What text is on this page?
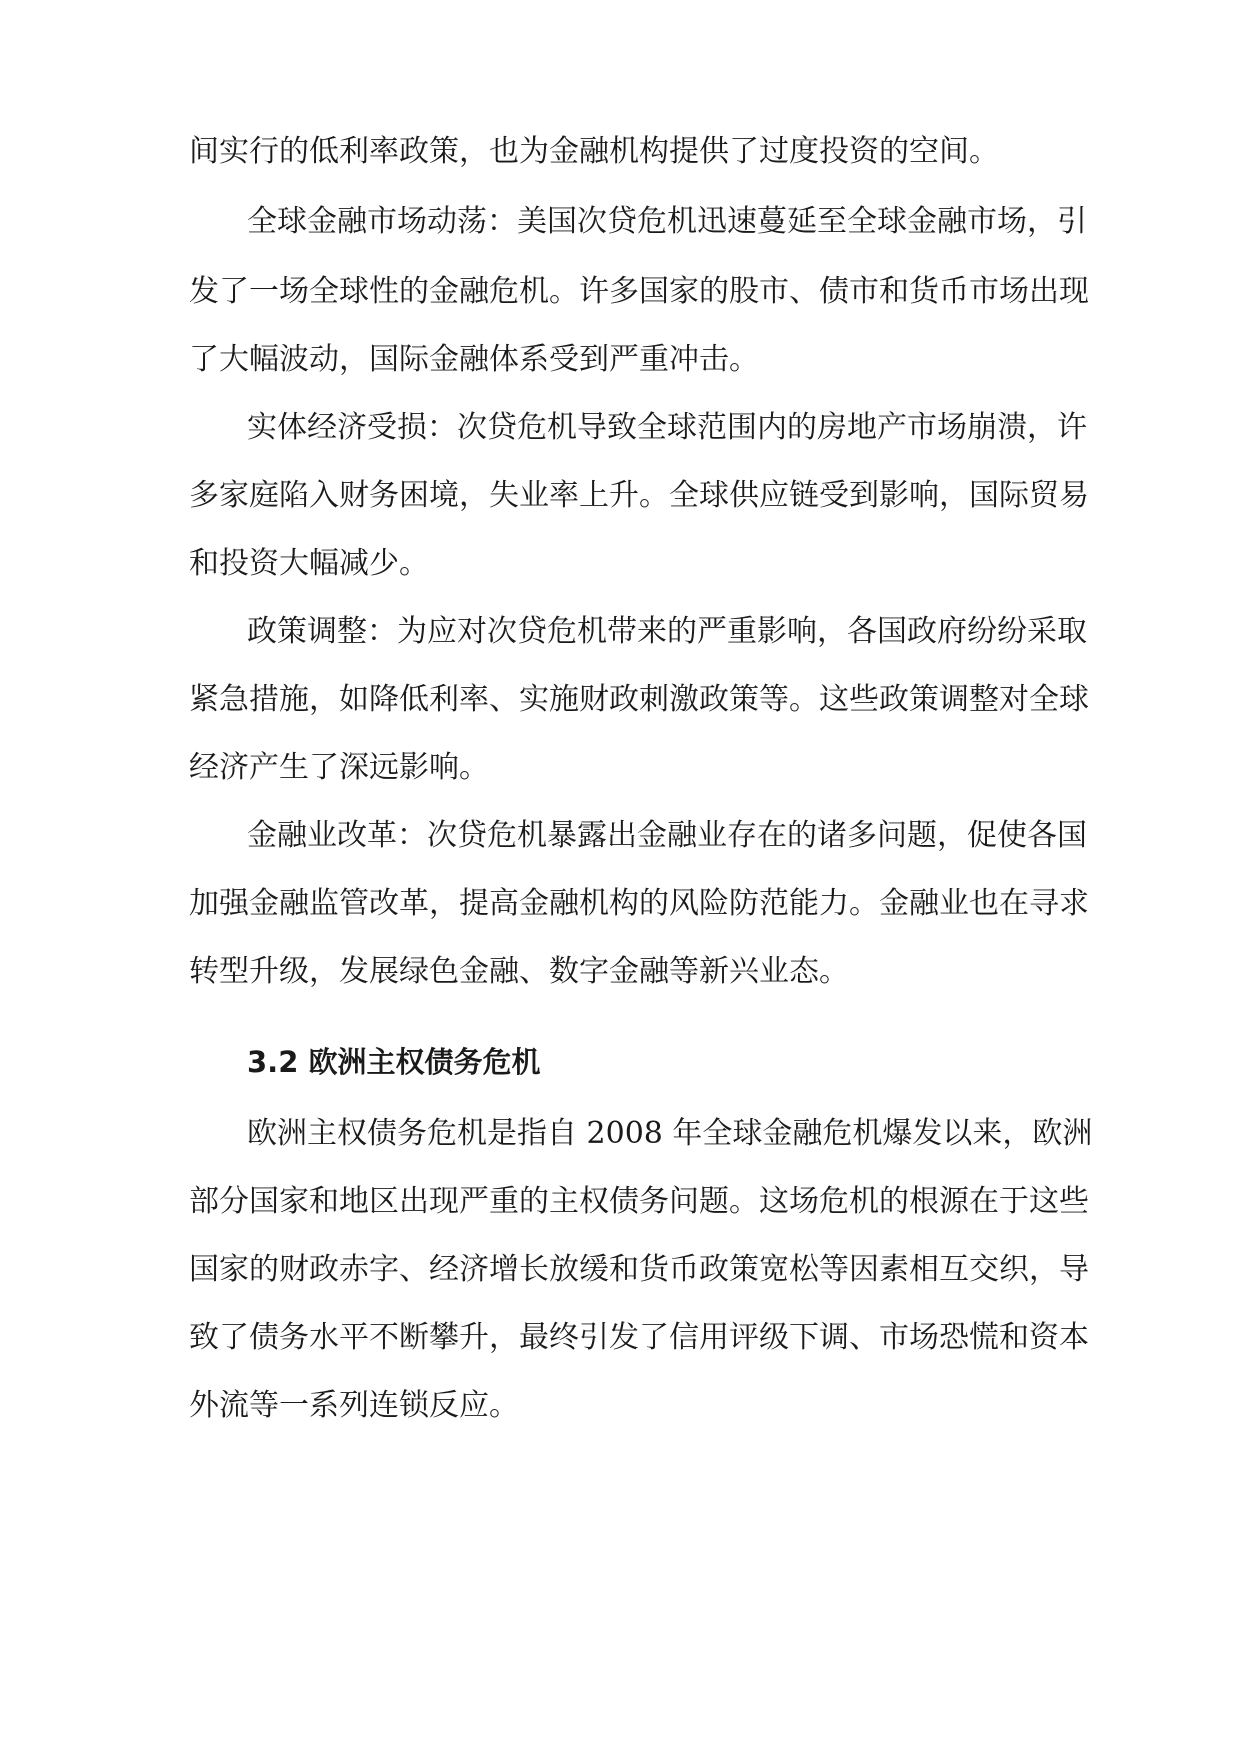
间实行的低利率政策，也为金融机构提供了过度投资的空间。
全球金融市场动荡：美国次贷危机迅速蔓延至全球金融市场，引
发了一场全球性的金融危机。许多国家的股市、债市和货币市场出现
了大幅波动，国际金融体系受到严重冲击。
实体经济受损：次贷危机导致全球范围内的房地产市场崩溃，许
多家庭陷入财务困境，失业率上升。全球供应链受到影响，国际贸易
和投资大幅减少。
政策调整：为应对次贷危机带来的严重影响，各国政府纷纷采取
紧急措施，如降低利率、实施财政刺激政策等。这些政策调整对全球
经济产生了深远影响。
金融业改革：次贷危机暴露出金融业存在的诸多问题，促使各国
加强金融监管改革，提高金融机构的风险防范能力。金融业也在寻求
转型升级，发展绿色金融、数字金融等新兴业态。
3.2 欧洲主权债务危机
欧洲主权债务危机是指自 2008 年全球金融危机爆发以来，欧洲
部分国家和地区出现严重的主权债务问题。这场危机的根源在于这些
国家的财政赤字、经济增长放缓和货币政策宽松等因素相互交织，导
致了债务水平不断攀升，最终引发了信用评级下调、市场恐慌和资本
外流等一系列连锁反应。
